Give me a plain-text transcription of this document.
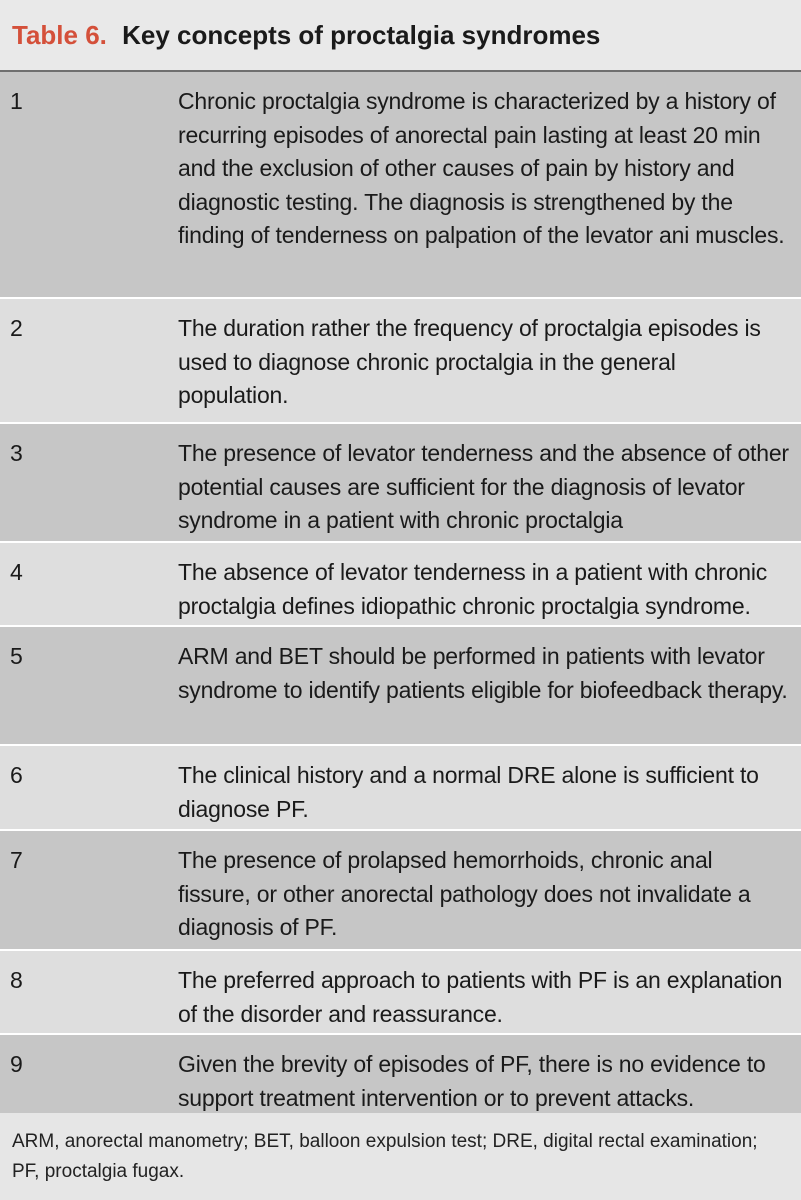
Table 6. Key concepts of proctalgia syndromes
1	Chronic proctalgia syndrome is characterized by a history of recurring episodes of anorectal pain lasting at least 20 min and the exclusion of other causes of pain by history and diagnostic testing. The diagnosis is strengthened by the finding of tenderness on palpation of the levator ani muscles.
2	The duration rather the frequency of proctalgia episodes is used to diagnose chronic proctalgia in the general population.
3	The presence of levator tenderness and the absence of other potential causes are sufficient for the diagnosis of levator syndrome in a patient with chronic proctalgia
4	The absence of levator tenderness in a patient with chronic proctalgia defines idiopathic chronic proctalgia syndrome.
5	ARM and BET should be performed in patients with levator syndrome to identify patients eligible for biofeedback therapy.
6	The clinical history and a normal DRE alone is sufficient to diagnose PF.
7	The presence of prolapsed hemorrhoids, chronic anal fissure, or other anorectal pathology does not invalidate a diagnosis of PF.
8	The preferred approach to patients with PF is an explanation of the disorder and reassurance.
9	Given the brevity of episodes of PF, there is no evidence to support treatment intervention or to prevent attacks.
ARM, anorectal manometry; BET, balloon expulsion test; DRE, digital rectal examination; PF, proctalgia fugax.
